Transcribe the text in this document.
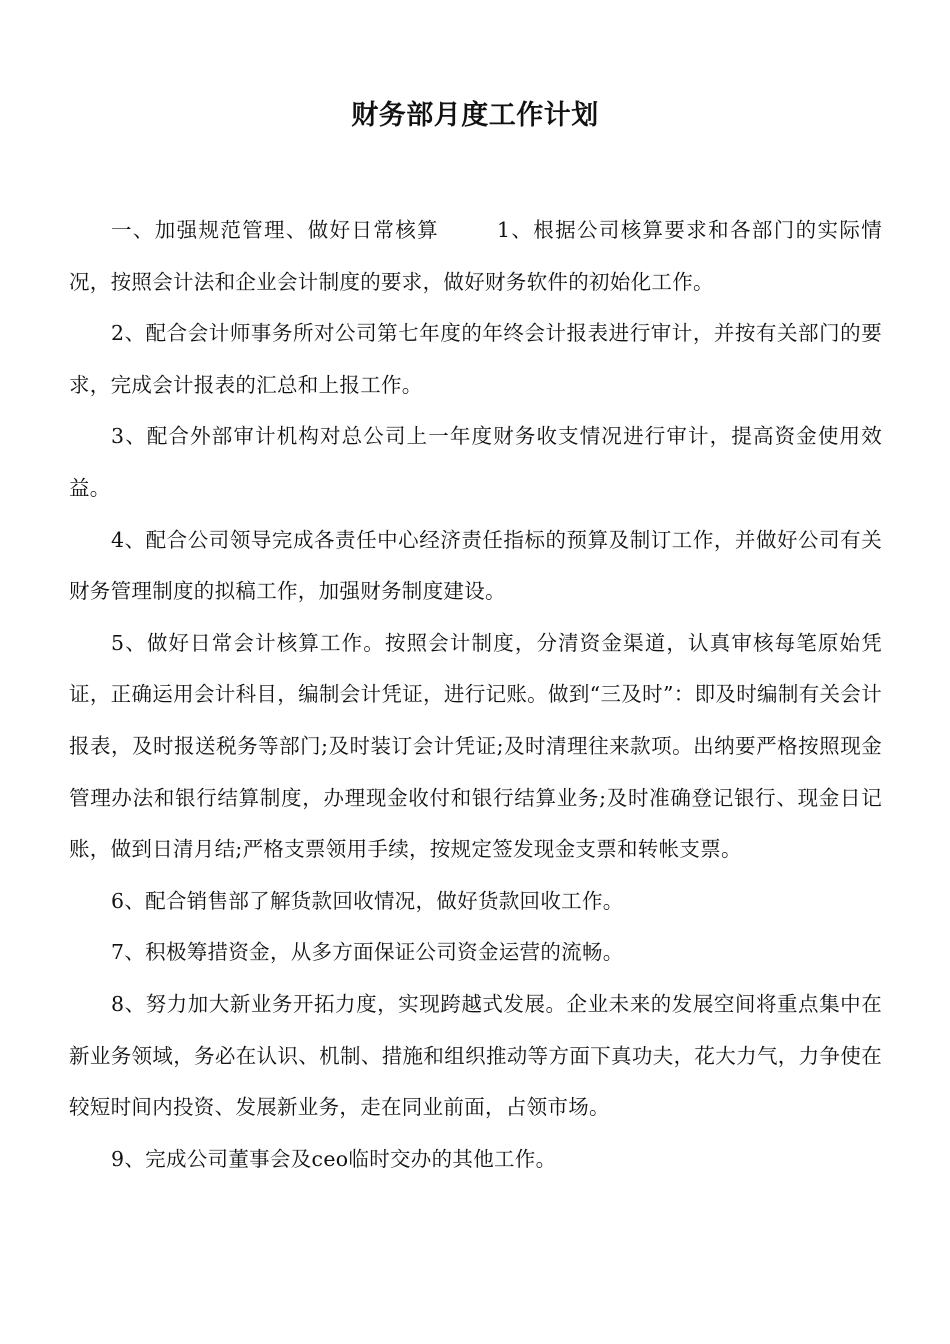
财务部月度工作计划

一、加强规范管理、做好日常核算	1、根据公司核算要求和各部门的实际情况，按照会计法和企业会计制度的要求，做好财务软件的初始化工作。

2、配合会计师事务所对公司第七年度的年终会计报表进行审计，并按有关部门的要求，完成会计报表的汇总和上报工作。

3、配合外部审计机构对总公司上一年度财务收支情况进行审计，提高资金使用效益。

4、配合公司领导完成各责任中心经济责任指标的预算及制订工作，并做好公司有关财务管理制度的拟稿工作，加强财务制度建设。

5、做好日常会计核算工作。按照会计制度，分清资金渠道，认真审核每笔原始凭证，正确运用会计科目，编制会计凭证，进行记账。做到“三及时”：即及时编制有关会计报表，及时报送税务等部门;及时装订会计凭证;及时清理往来款项。出纳要严格按照现金管理办法和银行结算制度，办理现金收付和银行结算业务;及时准确登记银行、现金日记账，做到日清月结;严格支票领用手续，按规定签发现金支票和转帐支票。

6、配合销售部了解货款回收情况，做好货款回收工作。

7、积极筹措资金，从多方面保证公司资金运营的流畅。

8、努力加大新业务开拓力度，实现跨越式发展。企业未来的发展空间将重点集中在新业务领域，务必在认识、机制、措施和组织推动等方面下真功夫，花大力气，力争使在较短时间内投资、发展新业务，走在同业前面，占领市场。

9、完成公司董事会及ceo临时交办的其他工作。
